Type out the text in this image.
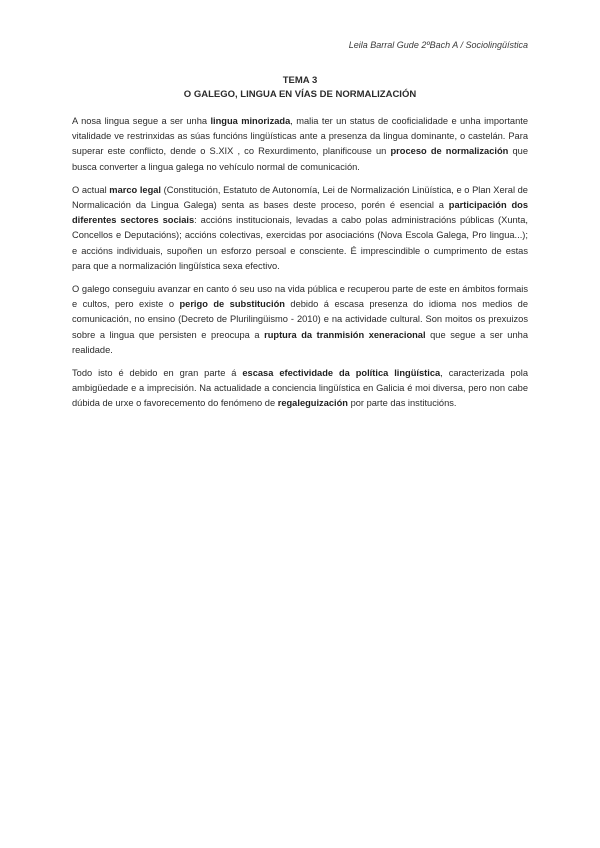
Leila Barral Gude 2ºBach A / Sociolingüística

TEMA 3

O GALEGO, LINGUA EN VÍAS DE NORMALIZACIÓN

A nosa lingua segue a ser unha lingua minorizada, malia ter un status de cooficialidade e unha importante vitalidade ve restrinxidas as súas funcións lingüísticas ante a presenza da lingua dominante, o castelán. Para superar este conflicto, dende o S.XIX , co Rexurdimento, planificouse un proceso de normalización que busca converter a lingua galega no vehículo normal de comunicación.

O actual marco legal (Constitución, Estatuto de Autonomía, Lei de Normalización Linüística, e o Plan Xeral de Normalicación da Lingua Galega) senta as bases deste proceso, porén é esencial a participación dos diferentes sectores sociais: accións institucionais, levadas a cabo polas administracións públicas (Xunta, Concellos e Deputacións); accións colectivas, exercidas por asociacións (Nova Escola Galega, Pro lingua...); e accións individuais, supoñen un esforzo persoal e consciente. É imprescindible o cumprimento de estas para que a normalización lingüística sexa efectivo.

O galego conseguiu avanzar en canto ó seu uso na vida pública e recuperou parte de este en ámbitos formais e cultos, pero existe o perigo de substitución debido á escasa presenza do idioma nos medios de comunicación, no ensino (Decreto de Plurilingüismo - 2010) e na actividade cultural. Son moitos os prexuizos sobre a lingua que persisten e preocupa a ruptura da tranmisión xeneracional que segue a ser unha realidade.

Todo isto é debido en gran parte á escasa efectividade da política lingüística, caracterizada pola ambigüedade e a imprecisión. Na actualidade a conciencia lingüística en Galicia é moi diversa, pero non cabe dúbida de urxe o favorecemento do fenómeno de regaleguización por parte das institucións.
